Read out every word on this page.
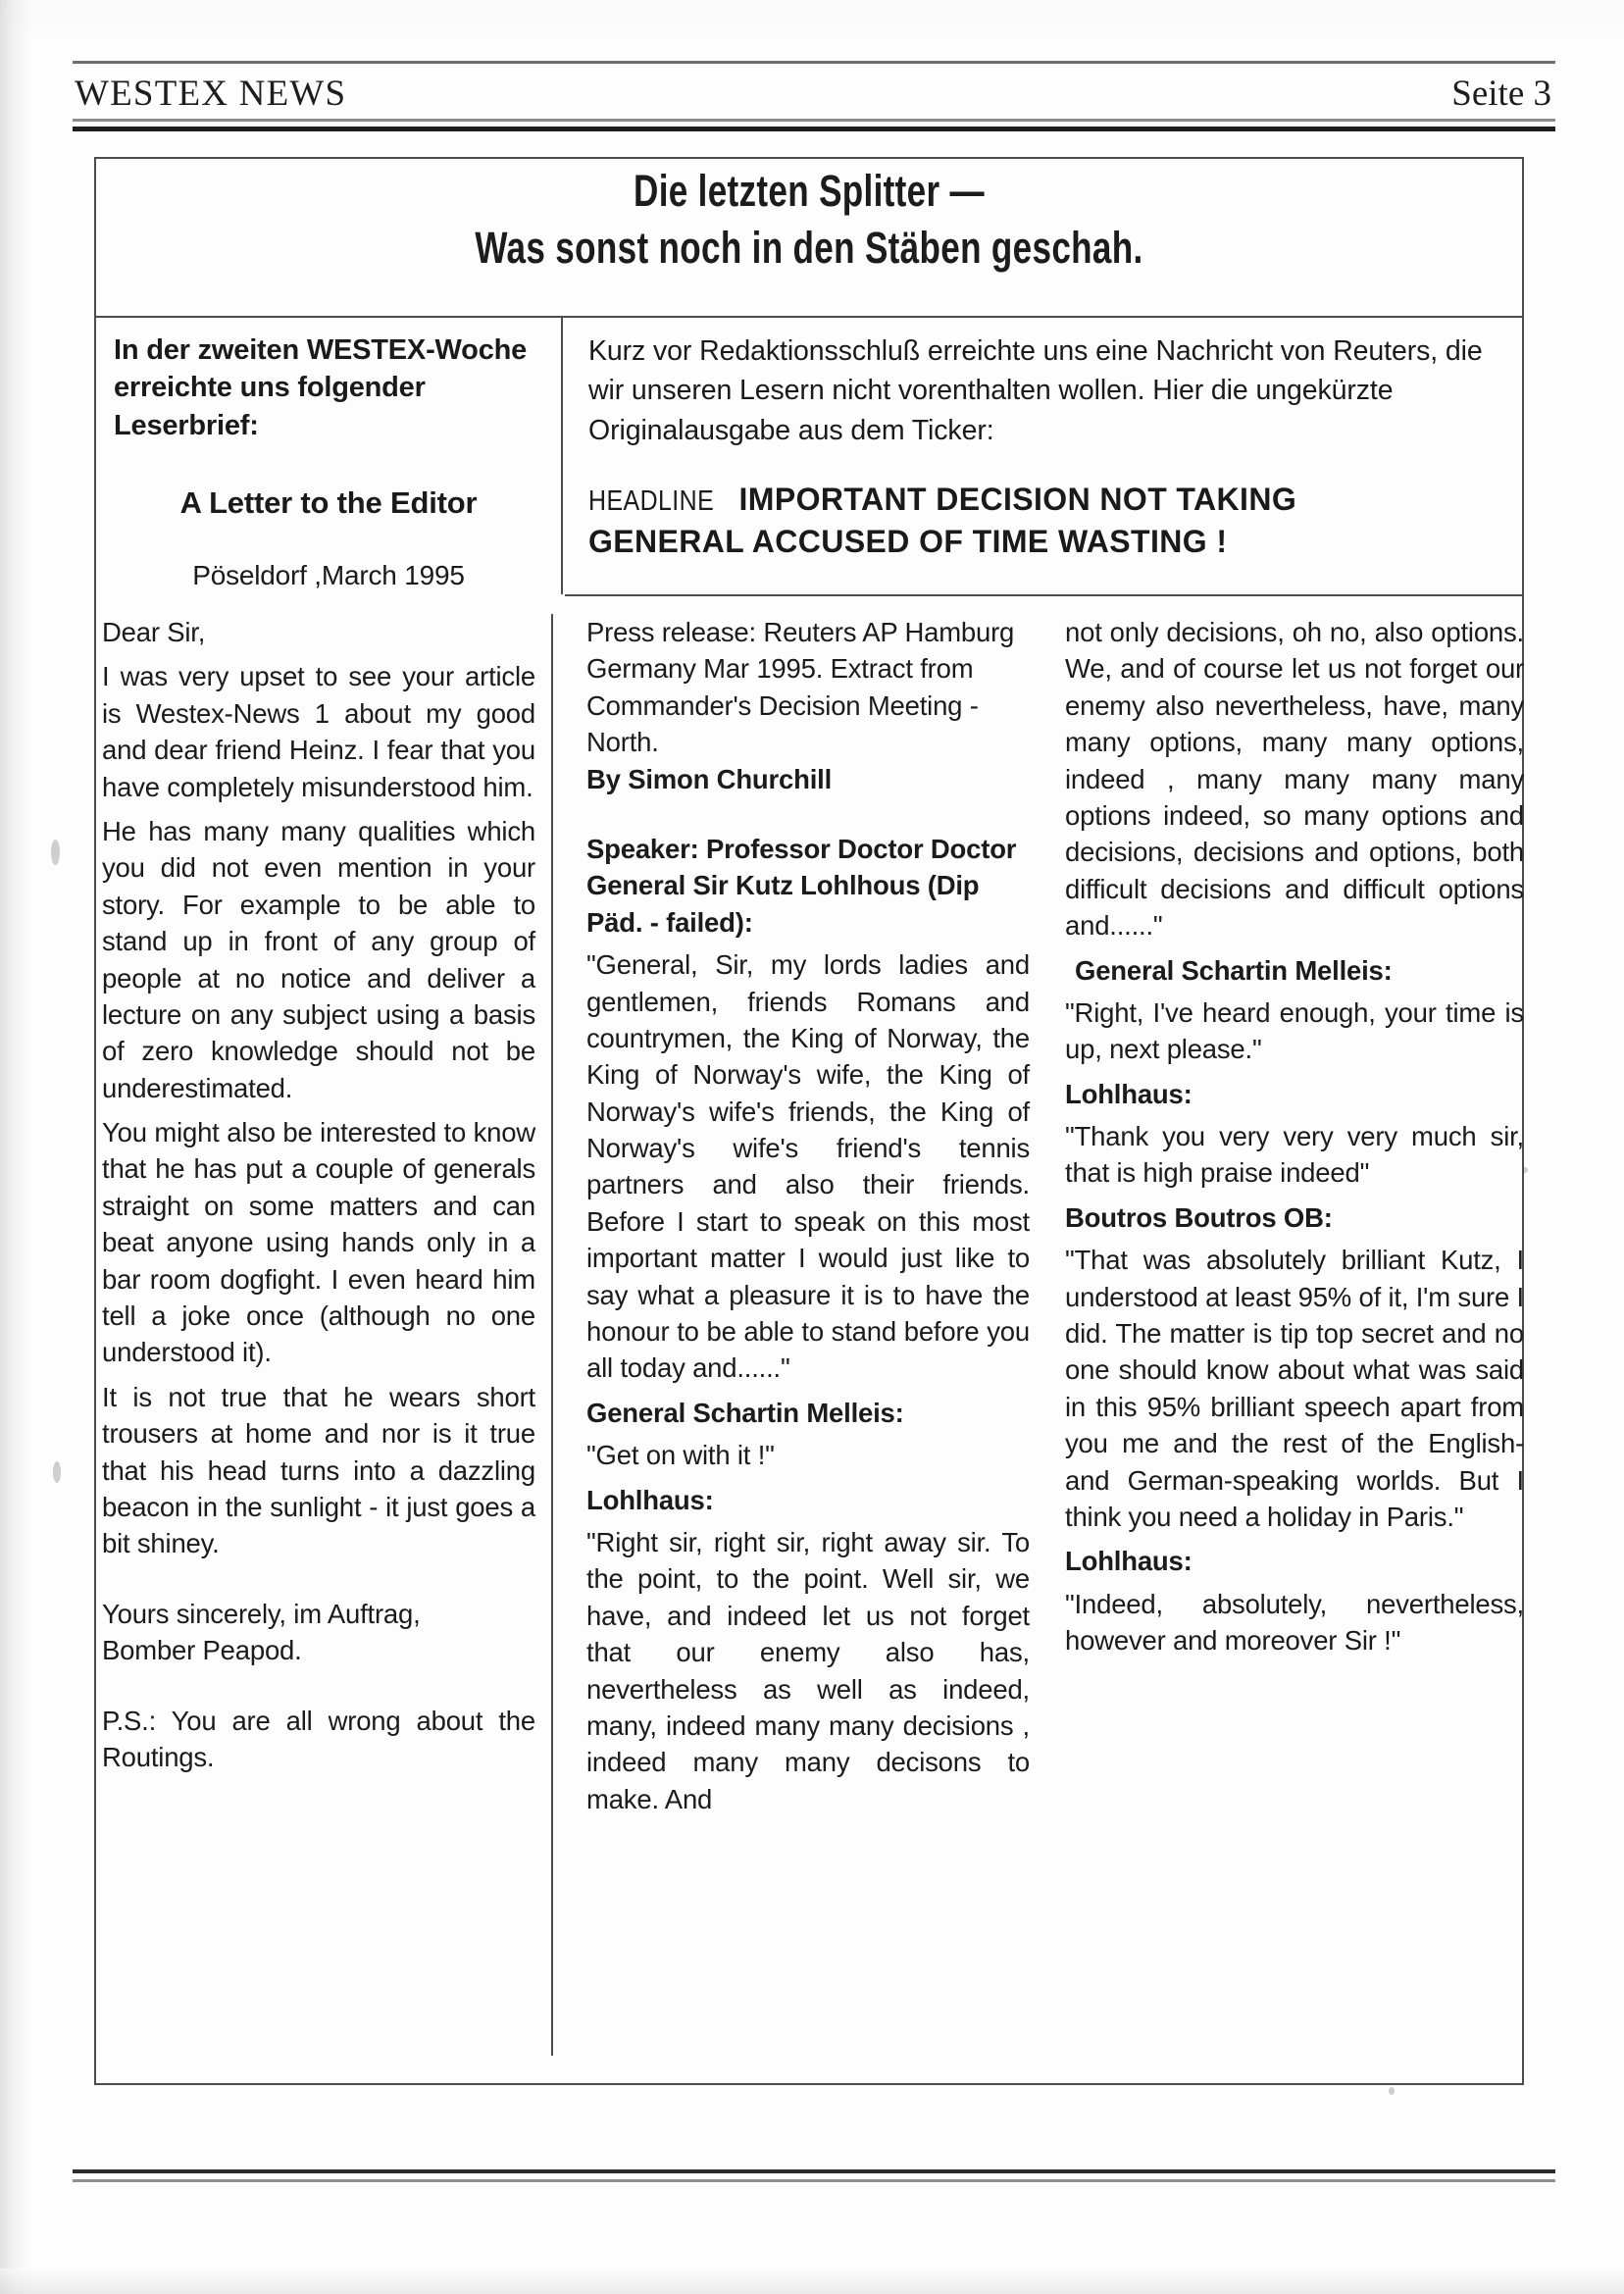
WESTEX NEWS	Seite 3
Die letzten Splitter —
Was sonst noch in den Stäben geschah.
In der zweiten WESTEX-Woche erreichte uns folgender Leserbrief:
A Letter to the Editor
Pöseldorf ,March 1995
Kurz vor Redaktionsschluß erreichte uns eine Nachricht von Reuters, die wir unseren Lesern nicht vorenthalten wollen. Hier die ungekürzte Originalausgabe aus dem Ticker:
HEADLINE IMPORTANT DECISION NOT TAKING
GENERAL ACCUSED OF TIME WASTING !

Dear Sir,

I was very upset to see your article is Westex-News 1 about my good and dear friend Heinz. I fear that you have completely misunderstood him.

He has many many qualities which you did not even mention in your story. For example to be able to stand up in front of any group of people at no notice and deliver a lecture on any subject using a basis of zero knowledge should not be underestimated.

You might also be interested to know that he has put a couple of generals straight on some matters and can beat anyone using hands only in a bar room dogfight. I even heard him tell a joke once (although no one understood it).

It is not true that he wears short trousers at home and nor is it true that his head turns into a dazzling beacon in the sunlight - it just goes a bit shiney.

Yours sincerely, im Auftrag,

Bomber Peapod.

P.S.: You are all wrong about the Routings.

Press release: Reuters AP Hamburg Germany Mar 1995. Extract from Commander's Decision Meeting - North.

By Simon Churchill

Speaker: Professor Doctor Doctor General Sir Kutz Lohlhous (Dip Päd. - failed):

"General, Sir, my lords ladies and gentlemen, friends Romans and countrymen, the King of Norway, the King of Norway's wife, the King of Norway's wife's friends, the King of Norway's wife's friend's tennis partners and also their friends. Before I start to speak on this most important matter I would just like to say what a pleasure it is to have the honour to be able to stand before you all today and......"

General Schartin Melleis:

"Get on with it !"

Lohlhaus:

"Right sir, right sir, right away sir. To the point, to the point. Well sir, we have, and indeed let us not forget that our enemy also has, nevertheless as well as indeed, many, indeed many many decisions , indeed many many decisons to make. And

not only decisions, oh no, also options. We, and of course let us not forget our enemy also nevertheless, have, many many options, many many options, indeed , many many many many options indeed, so many options and decisions, decisions and options, both difficult decisions and difficult options and......"

General Schartin Melleis:

"Right, I've heard enough, your time is up, next please."

Lohlhaus:

"Thank you very very very much sir, that is high praise indeed"

Boutros Boutros OB:

"That was absolutely brilliant Kutz, I understood at least 95% of it, I'm sure I did. The matter is tip top secret and no one should know about what was said in this 95% brilliant speech apart from you me and the rest of the English- and German-speaking worlds. But I think you need a holiday in Paris."

Lohlhaus:

"Indeed, absolutely, nevertheless, however and moreover Sir !"
